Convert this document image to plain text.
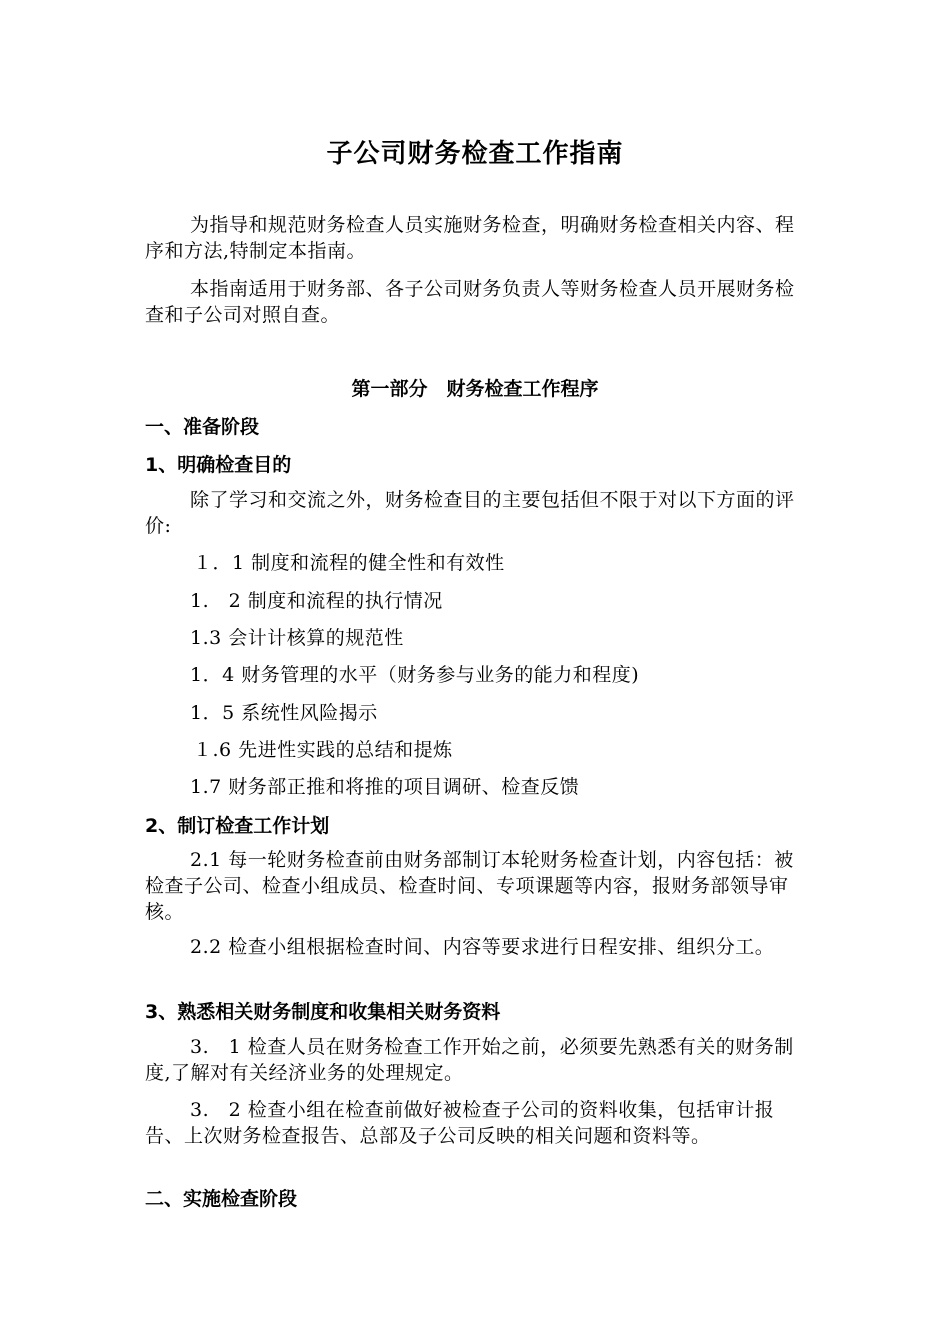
子公司财务检查工作指南
为指导和规范财务检查人员实施财务检查，明确财务检查相关内容、程序和方法,特制定本指南。
本指南适用于财务部、各子公司财务负责人等财务检查人员开展财务检查和子公司对照自查。
第一部分　财务检查工作程序
一、准备阶段
1、明确检查目的
除了学习和交流之外，财务检查目的主要包括但不限于对以下方面的评价:
１．1 制度和流程的健全性和有效性
1.　2 制度和流程的执行情况
1.3 会计计核算的规范性
1．4 财务管理的水平（财务参与业务的能力和程度)
1．5 系统性风险揭示
１.6 先进性实践的总结和提炼
1.7 财务部正推和将推的项目调研、检查反馈
2、制订检查工作计划
2.1 每一轮财务检查前由财务部制订本轮财务检查计划，内容包括：被检查子公司、检查小组成员、检查时间、专项课题等内容，报财务部领导审核。
2.2 检查小组根据检查时间、内容等要求进行日程安排、组织分工。
3、熟悉相关财务制度和收集相关财务资料
3.　1 检查人员在财务检查工作开始之前，必须要先熟悉有关的财务制度,了解对有关经济业务的处理规定。
3.　2 检查小组在检查前做好被检查子公司的资料收集，包括审计报告、上次财务检查报告、总部及子公司反映的相关问题和资料等。
二、实施检查阶段
